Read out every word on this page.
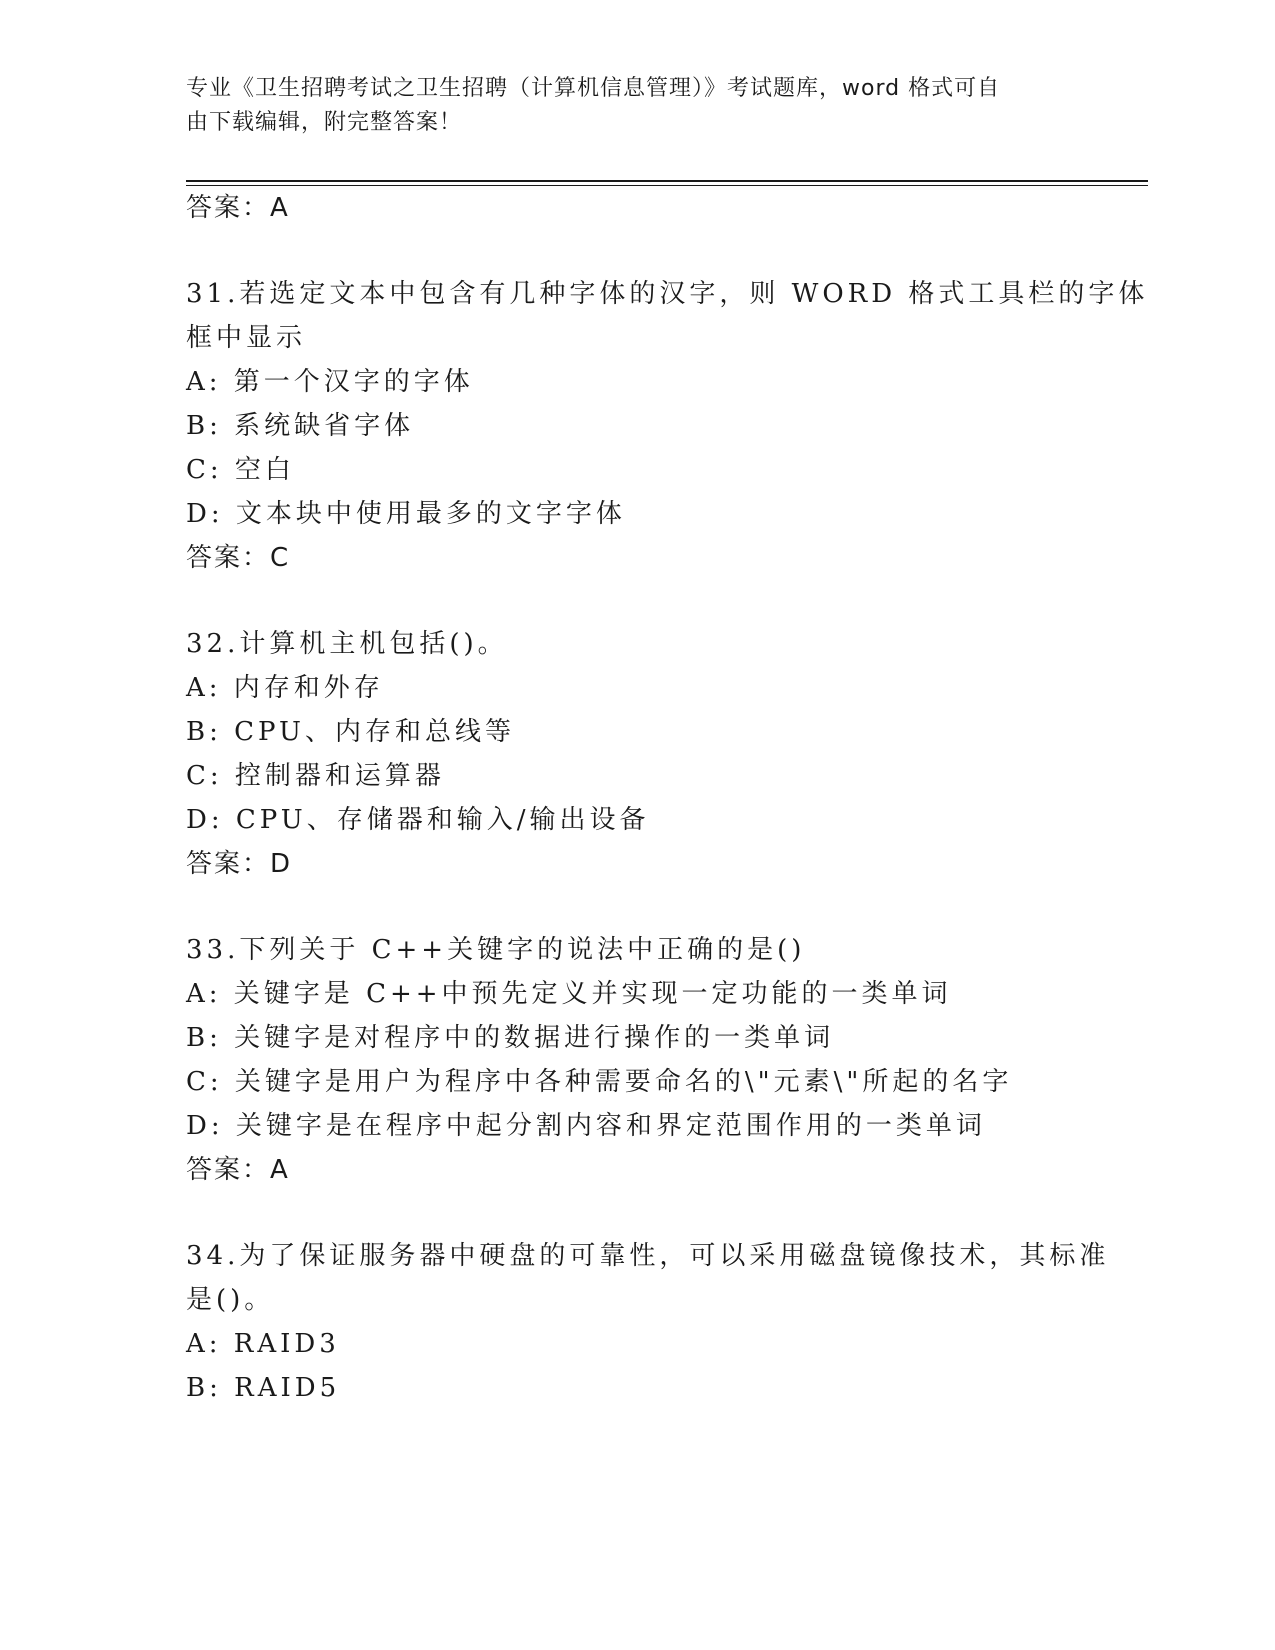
专业《卫生招聘考试之卫生招聘（计算机信息管理）》考试题库，word 格式可自
由下载编辑，附完整答案！
答案：A
31.若选定文本中包含有几种字体的汉字，则 WORD 格式工具栏的字体
框中显示
A: 第一个汉字的字体
B: 系统缺省字体
C: 空白
D: 文本块中使用最多的文字字体
答案：C
32.计算机主机包括()。
A: 内存和外存
B: CPU、内存和总线等
C: 控制器和运算器
D: CPU、存储器和输入/输出设备
答案：D
33.下列关于 C++关键字的说法中正确的是()
A: 关键字是 C++中预先定义并实现一定功能的一类单词
B: 关键字是对程序中的数据进行操作的一类单词
C: 关键字是用户为程序中各种需要命名的\"元素\"所起的名字
D: 关键字是在程序中起分割内容和界定范围作用的一类单词
答案：A
34.为了保证服务器中硬盘的可靠性，可以采用磁盘镜像技术，其标准
是()。
A: RAID3
B: RAID5
